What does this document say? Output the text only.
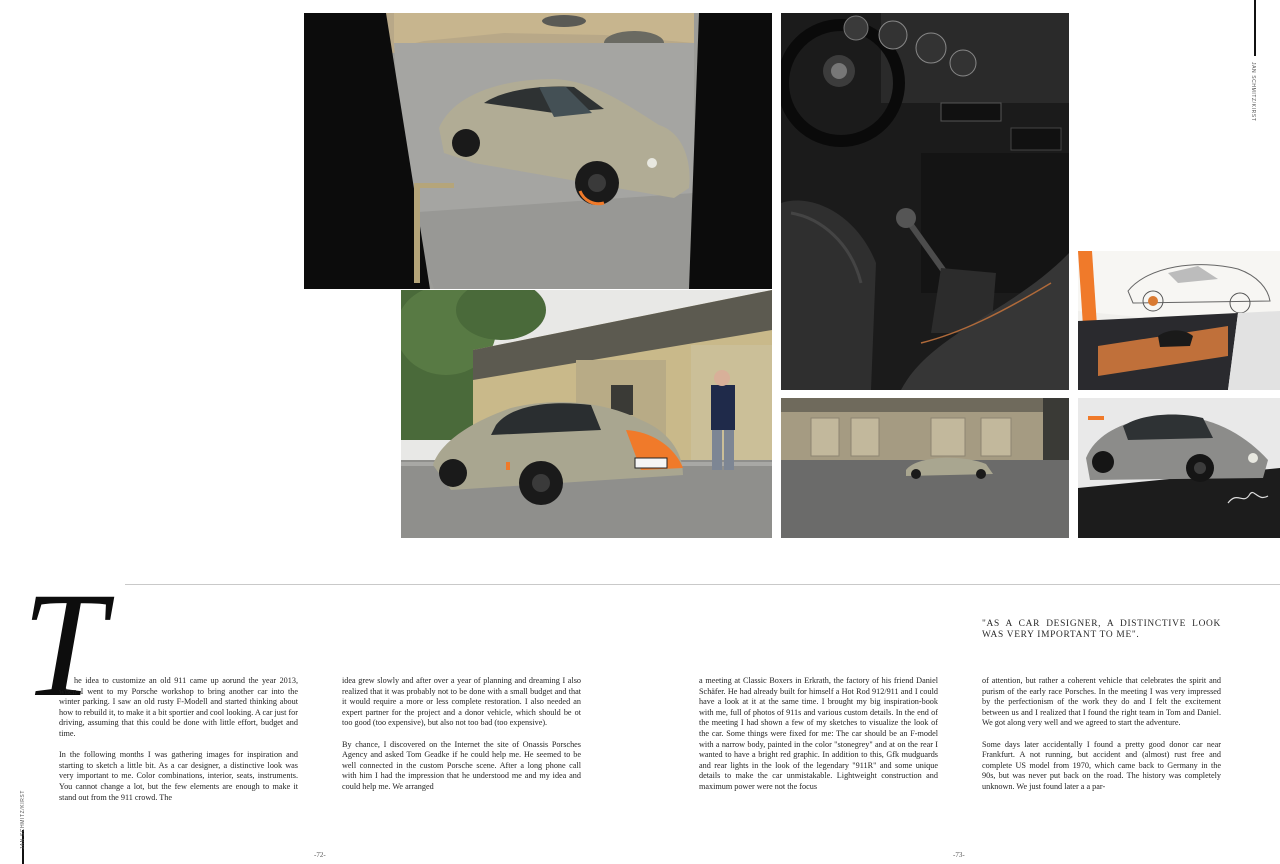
JAN SCHMITZ/KIRST
JAN SCHMITZ/KIRST
T	"AS A CAR DESIGNER, A DISTINCTIVE LOOK WAS VERY IMPORTANT TO ME".

he idea to customize an old 911 came up aorund the year 2013, when I went to my Porsche workshop to bring another car into the winter parking. I saw an old rusty F-Modell and started thinking about how to rebuild it, to make it a bit sportier and cool looking. A car just for driving, assuming that this could be done with little effort, budget and time.

In the following months I was gathering images for inspiration and starting to sketch a little bit. As a car designer, a distinctive look was very important to me. Color combinations, interior, seats, instruments. You cannot change a lot, but the few elements are enough to make it stand out from the 911 crowd. The

idea grew slowly and after over a year of planning and dreaming I also realized that it was probably not to be done with a small budget and that it would require a more or less complete restoration. I also needed an expert partner for the project and a donor vehicle, which should be ot too good (too expensive), but also not too bad (too expensive).

By chance, I discovered on the Internet the site of Onassis Porsches Agency and asked Tom Geadke if he could help me. He seemed to be well connected in the custom Porsche scene. After a long phone call with him I had the impression that he understood me and my idea and could help me. We arranged

a meeting at Classic Boxers in Erkrath, the factory of his friend Daniel Schäfer. He had already built for himself a Hot Rod 912/911 and I could have a look at it at the same time. I brought my big inspiration-book with me, full of photos of 911s and various custom details. In the end of the meeting I had shown a few of my sketches to visualize the look of the car. Some things were fixed for me: The car should be an F-model with a narrow body, painted in the color "stonegrey" and at on the rear I wanted to have a bright red graphic. In addition to this, Gfk mudguards and rear lights in the look of the legendary "911R" and some unique details to make the car unmistakable. Lightweight construction and maximum power were not the focus

of attention, but rather a coherent vehicle that celebrates the spirit and purism of the early race Porsches. In the meeting I was very impressed by the perfectionism of the work they do and I felt the excitement between us and I realized that I found the right team in Tom and Daniel. We got along very well and we agreed to start the adventure.

Some days later accidentally I found a pretty good donor car near Frankfurt. A not running, but accident and (almost) rust free and complete US model from 1970, which came back to Germany in the 90s, but was never put back on the road. The history was completely unknown. We just found later a a par-

-72-	-73-
